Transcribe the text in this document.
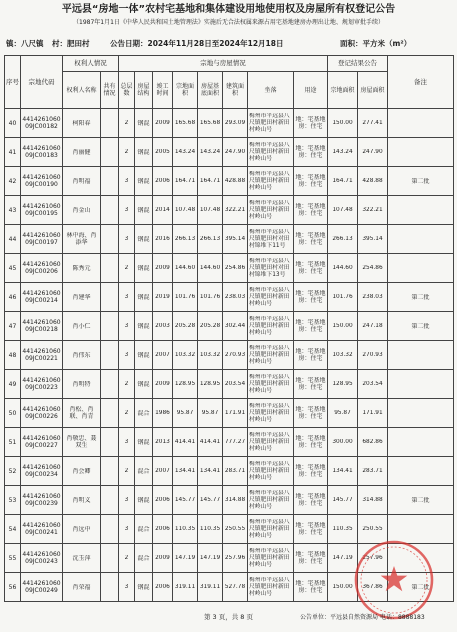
平远县“房地一体”农村宅基地和集体建设用地使用权及房屋所有权登记公告
（1987年1月1日《中华人民共和国土地管理法》实施后无合法权属来源占用宅基地建房办理出让地、规划审批手续）
镇：八尺镇 村：肥田村	公告日期：2024年11月28日至2024年12月18日	面积：平方米（m²）
序号	宗地代码	权利人情况		宗地与房屋情况								登记结果公告		备注
		权利人名称	共有情况	总层数	房屋结构	竣工时间	宗地面积	房屋基底面积	建筑面积	坐落	用途	宗地面积	房屋面积	

40	441426106009JC00182	柯阳春		2	钢混	2009	165.68	165.68	293.09	梅州市平远县八尺镇肥田村新田村岭山号	地：宅基地 房：住宅	150.00	277.41	

41	441426106009JC00183	肖丽健		2	钢混	2005	143.24	143.24	247.90	梅州市平远县八尺镇肥田村新田村岭山号	地：宅基地 房：住宅	143.24	247.90	

42	441426106009JC00190	肖明福		3	钢混	2006	164.71	164.71	428.88	梅州市平远县八尺镇肥田村新田村岭山号	地：宅基地 房：住宅	164.71	428.88	第二批

43	441426106009JC00195	肖金山		3	钢混	2014	107.48	107.48	322.21	梅州市平远县八尺镇肥田村新田村岭山号	地：宅基地 房：住宅	107.48	322.21	

44	441426106009JC00197	林中海、肖添华		3	钢混	2016	266.13	266.13	395.14	梅州市平远县八尺镇肥田村对田村锦堆下11号	地：宅基地 房：住宅	266.13	395.14	

45	441426106009JC00206	陈秀元		2	钢混	2009	144.60	144.60	254.86	梅州市平远县八尺镇肥田村对田村锦堆下13号	地：宅基地 房：住宅	144.60	254.86	

46	441426106009JC00214	肖建华		3	钢混	2019	101.76	101.76	238.03	梅州市平远县八尺镇肥田村新田村岭山号	地：宅基地 房：住宅	101.76	238.03	第二批

47	441426106009JC00218	肖小仁		3	钢混	2003	205.28	205.28	302.44	梅州市平远县八尺镇肥田村新田村岭山号	地：宅基地 房：住宅	150.00	247.18	第二批

48	441426106009JC00221	肖伟东		3	钢混	2007	103.32	103.32	270.93	梅州市平远县八尺镇肥田村新田村岭山号	地：宅基地 房：住宅	103.32	270.93	

49	441426106009JC00223	肖明特		2	钢混	2009	128.95	128.95	203.54	梅州市平远县八尺镇肥田村新田村岭山号	地：宅基地 房：住宅	128.95	203.54	

50	441426106009JC00226	肖松、肖联、肖青		2	混合	1986	95.87	95.87	171.91	梅州市平远县八尺镇肥田村新田村岭山号	地：宅基地 房：住宅	95.87	171.91	

51	441426106009JC00227	肖敬忠、聂双生		3	钢混	2013	414.41	414.41	777.27	梅州市平远县八尺镇肥田村新田村岭山号	地：宅基地 房：住宅	300.00	682.86	

52	441426106009JC00234	肖会卿		2	混合	2007	134.41	134.41	283.71	梅州市平远县八尺镇肥田村新田村岭山号	地：宅基地 房：住宅	134.41	283.71	

53	441426106009JC00239	肖明义		3	钢混	2006	145.77	145.77	314.88	梅州市平远县八尺镇肥田村新田村岭山号	地：宅基地 房：住宅	145.77	314.88	第二批

54	441426106009JC00241	肖远中		3	混合	2006	110.35	110.35	250.55	梅州市平远县八尺镇肥田村新田村岭山号	地：宅基地 房：住宅	110.35	250.55	

55	441426106009JC00243	沈玉萍		2	混合	2009	147.19	147.19	257.96	梅州市平远县八尺镇肥田村新田村岭山号	地：宅基地 房：住宅	147.19	257.96	

56	441426106009JC00249	肖荣福		3	钢混	2006	319.11	319.11	527.78	梅州市平远县八尺镇肥田村新田村岭山号	地：宅基地 房：住宅	150.00	367.86	第二批
第 3 页，共 8 页	公告单位：平远县自然资源局 电话：8888183
